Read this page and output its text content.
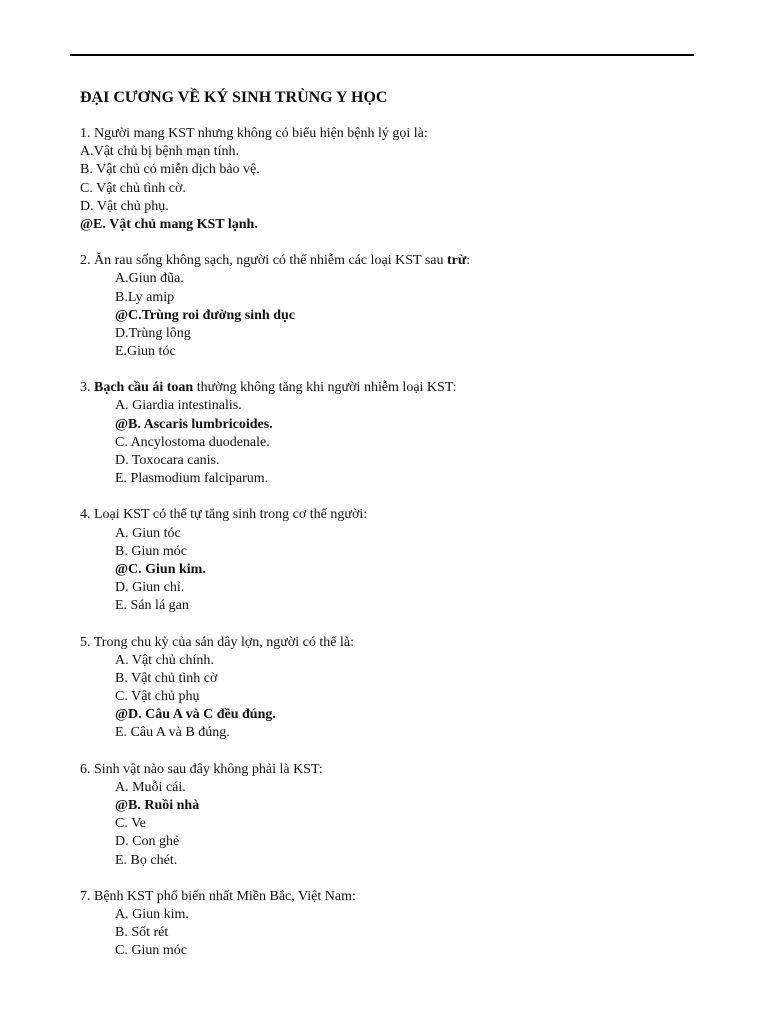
ĐẠI CƯƠNG VỀ KÝ SINH TRÙNG Y HỌC
1. Người mang KST nhưng không có biểu hiện bệnh lý gọi là:
A.Vật chủ bị bệnh mạn tính.
B. Vật chủ có miễn dịch bảo vệ.
C. Vật chủ tình cờ.
D. Vật chủ phụ.
@E. Vật chủ mang KST lạnh.
2. Ăn rau sống không sạch, người có thể nhiễm các loại KST sau trừ:
A.Giun đũa.
B.Ly amip
@C.Trùng roi đường sinh dục
D.Trùng lông
E.Giun tóc
3. Bạch cầu ái toan thường không tăng khi người nhiễm loại KST:
A. Giardia intestinalis.
@B. Ascaris lumbricoides.
C. Ancylostoma duodenale.
D. Toxocara canis.
E. Plasmodium falciparum.
4. Loại KST có thể tự tăng sinh trong cơ thể người:
A. Giun tóc
B. Giun móc
@C. Giun kim.
D. Giun chỉ.
E. Sán lá gan
5. Trong chu kỳ của sán dây lợn, người có thể là:
A. Vật chủ chính.
B. Vật chủ tình cờ
C. Vật chủ phụ
@D. Câu A và C đều đúng.
E. Câu A và B đúng.
6. Sinh vật nào sau đây không phải là KST:
A. Muỗi cái.
@B. Ruồi nhà
C. Ve
D. Con ghẻ
E. Bọ chét.
7. Bệnh KST phổ biến nhất Miền Bắc, Việt Nam:
A. Giun kim.
B. Sốt rét
C. Giun móc
